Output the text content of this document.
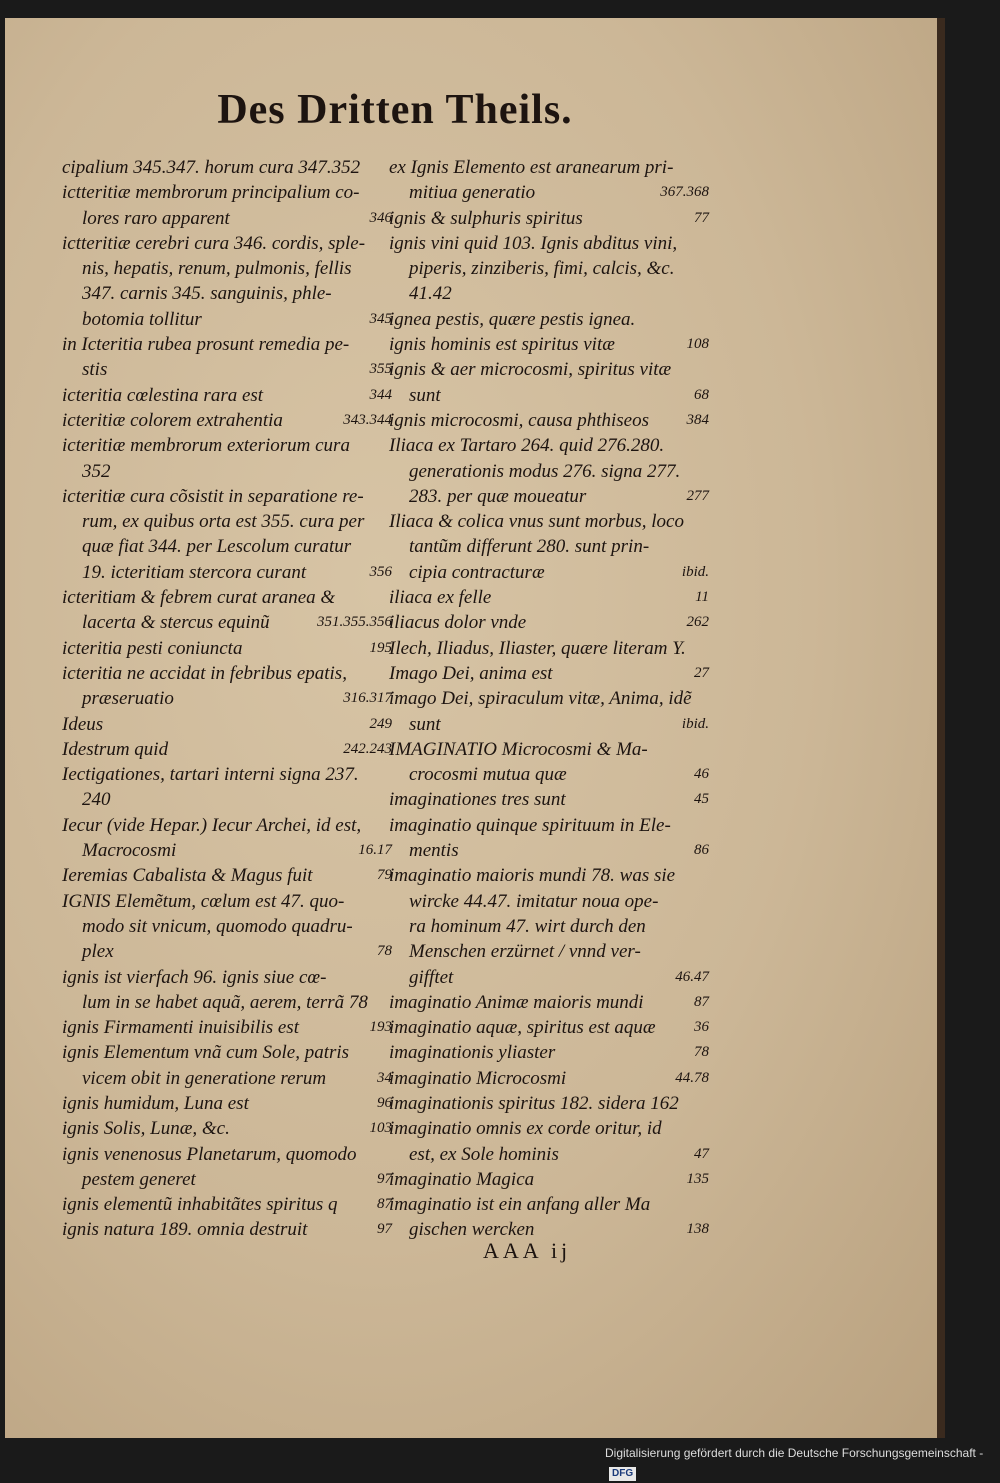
Des Dritten Theils.
cipalium 345.347. horum cura 347.352
ictteritiæ membrorum principalium co-
lores raro apparent	346
ictteritiæ cerebri cura 346. cordis, sple-
nis, hepatis, renum, pulmonis, fellis
347. carnis 345. sanguinis, phle-
botomia tollitur	345
in Icteritia rubea prosunt remedia pe-
stis	355
icteritia cœlestina rara est	344
icteritiæ colorem extrahentia	343.344
icteritiæ membrorum exteriorum cura
352
icteritiæ cura cõsistit in separatione re-
rum, ex quibus orta est 355. cura per
quæ fiat 344. per Lescolum curatur
19. icteritiam stercora curant	356
icteritiam & febrem curat aranea &
lacerta & stercus equinũ	351.355.356
icteritia pesti coniuncta	195
icteritia ne accidat in febribus epatis,
præseruatio	316.317
Ideus	249
Idestrum quid	242.243
Iectigationes, tartari interni signa 237.
240
Iecur (vide Hepar.) Iecur Archei, id est,
Macrocosmi	16.17
Ieremias Cabalista & Magus fuit	79
IGNIS Elemẽtum, cœlum est 47. quo-
modo sit vnicum, quomodo quadru-
plex	78
ignis ist vierfach 96. ignis siue cœ-
lum in se habet aquã, aerem, terrã 78
ignis Firmamenti inuisibilis est	193
ignis Elementum vnã cum Sole, patris
vicem obit in generatione rerum	34
ignis humidum, Luna est	96
ignis Solis, Lunæ, &c.	103
ignis venenosus Planetarum, quomodo
pestem generet	97
ignis elementũ inhabitãtes spiritus q	87
ignis natura 189. omnia destruit	97
ex Ignis Elemento est aranearum pri-
mitiua generatio	367.368
ignis & sulphuris spiritus	77
ignis vini quid 103. Ignis abditus vini,
piperis, zinziberis, fimi, calcis, &c.
41.42
ignea pestis, quære pestis ignea.
ignis hominis est spiritus vitæ	108
ignis & aer microcosmi, spiritus vitæ
sunt	68
ignis microcosmi, causa phthiseos 384
Iliaca ex Tartaro 264. quid 276.280.
generationis modus 276. signa 277.
283. per quæ moueatur	277
Iliaca & colica vnus sunt morbus, loco
tantũm differunt 280. sunt prin-
cipia contracturæ	ibid.
iliaca ex felle	11
iliacus dolor vnde	262
Ilech, Iliadus, Iliaster, quære literam Y.
Imago Dei, anima est	27
imago Dei, spiraculum vitæ, Anima, idẽ
sunt	ibid.
IMAGINATIO Microcosmi & Ma-
crocosmi mutua quæ	46
imaginationes tres sunt	45
imaginatio quinque spirituum in Ele-
mentis	86
imaginatio maioris mundi 78. was sie
wircke 44.47. imitatur noua ope-
ra hominum 47. wirt durch den
Menschen erzürnet / vnnd ver-
gifftet	46.47
imaginatio Animæ maioris mundi	87
imaginatio aquæ, spiritus est aquæ	36
imaginationis yliaster	78
imaginatio Microcosmi	44.78
imaginationis spiritus 182. sidera 162
imaginatio omnis ex corde oritur, id
est, ex Sole hominis	47
imaginatio Magica	135
imaginatio ist ein anfang aller Ma
gischen wercken	138
AAA ij
Digitalisierung gefördert durch die Deutsche Forschungsgemeinschaft - DFG
